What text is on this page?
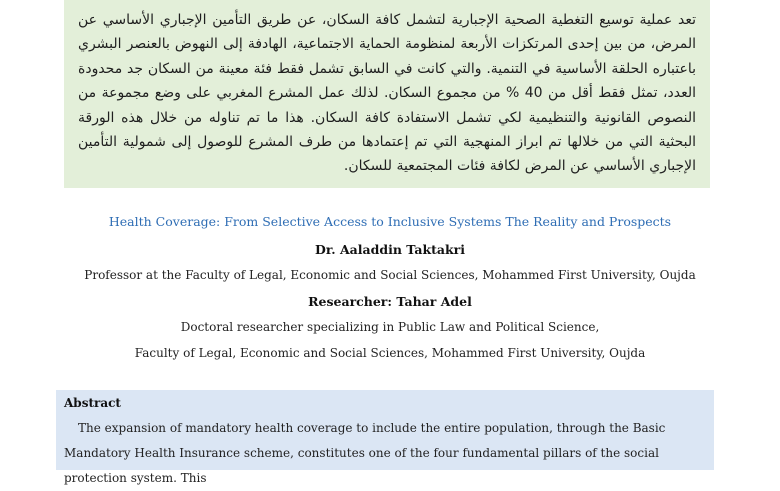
تعد عملية توسيع التغطية الصحية الإجبارية لتشمل كافة السكان، عن طريق التأمين الإجباري الأساسي عن المرض، من بين إحدى المرتكزات الأربعة لمنظومة الحماية الاجتماعية، الهادفة إلى النهوض بالعنصر البشري باعتباره الحلقة الأساسية في التنمية. والتي كانت في السابق تشمل فقط فئة معينة من السكان جد محدودة العدد، تمثل فقط أقل من 40 % من مجموع السكان. لذلك عمل المشرع المغربي على وضع مجموعة من النصوص القانونية والتنظيمية لكي تشمل الاستفادة كافة السكان. هذا ما تم تناوله من خلال هذه الورقة البحثية التي من خلالها تم ابراز المنهجية التي تم إعتمادها من طرف المشرع للوصول إلى شمولية التأمين الإجباري الأساسي عن المرض لكافة فئات المجتمعية للسكان.

Health Coverage: From Selective Access to Inclusive Systems The Reality and Prospects

Dr. Aaladdin Taktakri

Professor at the Faculty of Legal, Economic and Social Sciences, Mohammed First University, Oujda

Researcher: Tahar Adel

Doctoral researcher specializing in Public Law and Political Science,

Faculty of Legal, Economic and Social Sciences, Mohammed First University, Oujda

Abstract

The expansion of mandatory health coverage to include the entire population, through the Basic Mandatory Health Insurance scheme, constitutes one of the four fundamental pillars of the social protection system. This
